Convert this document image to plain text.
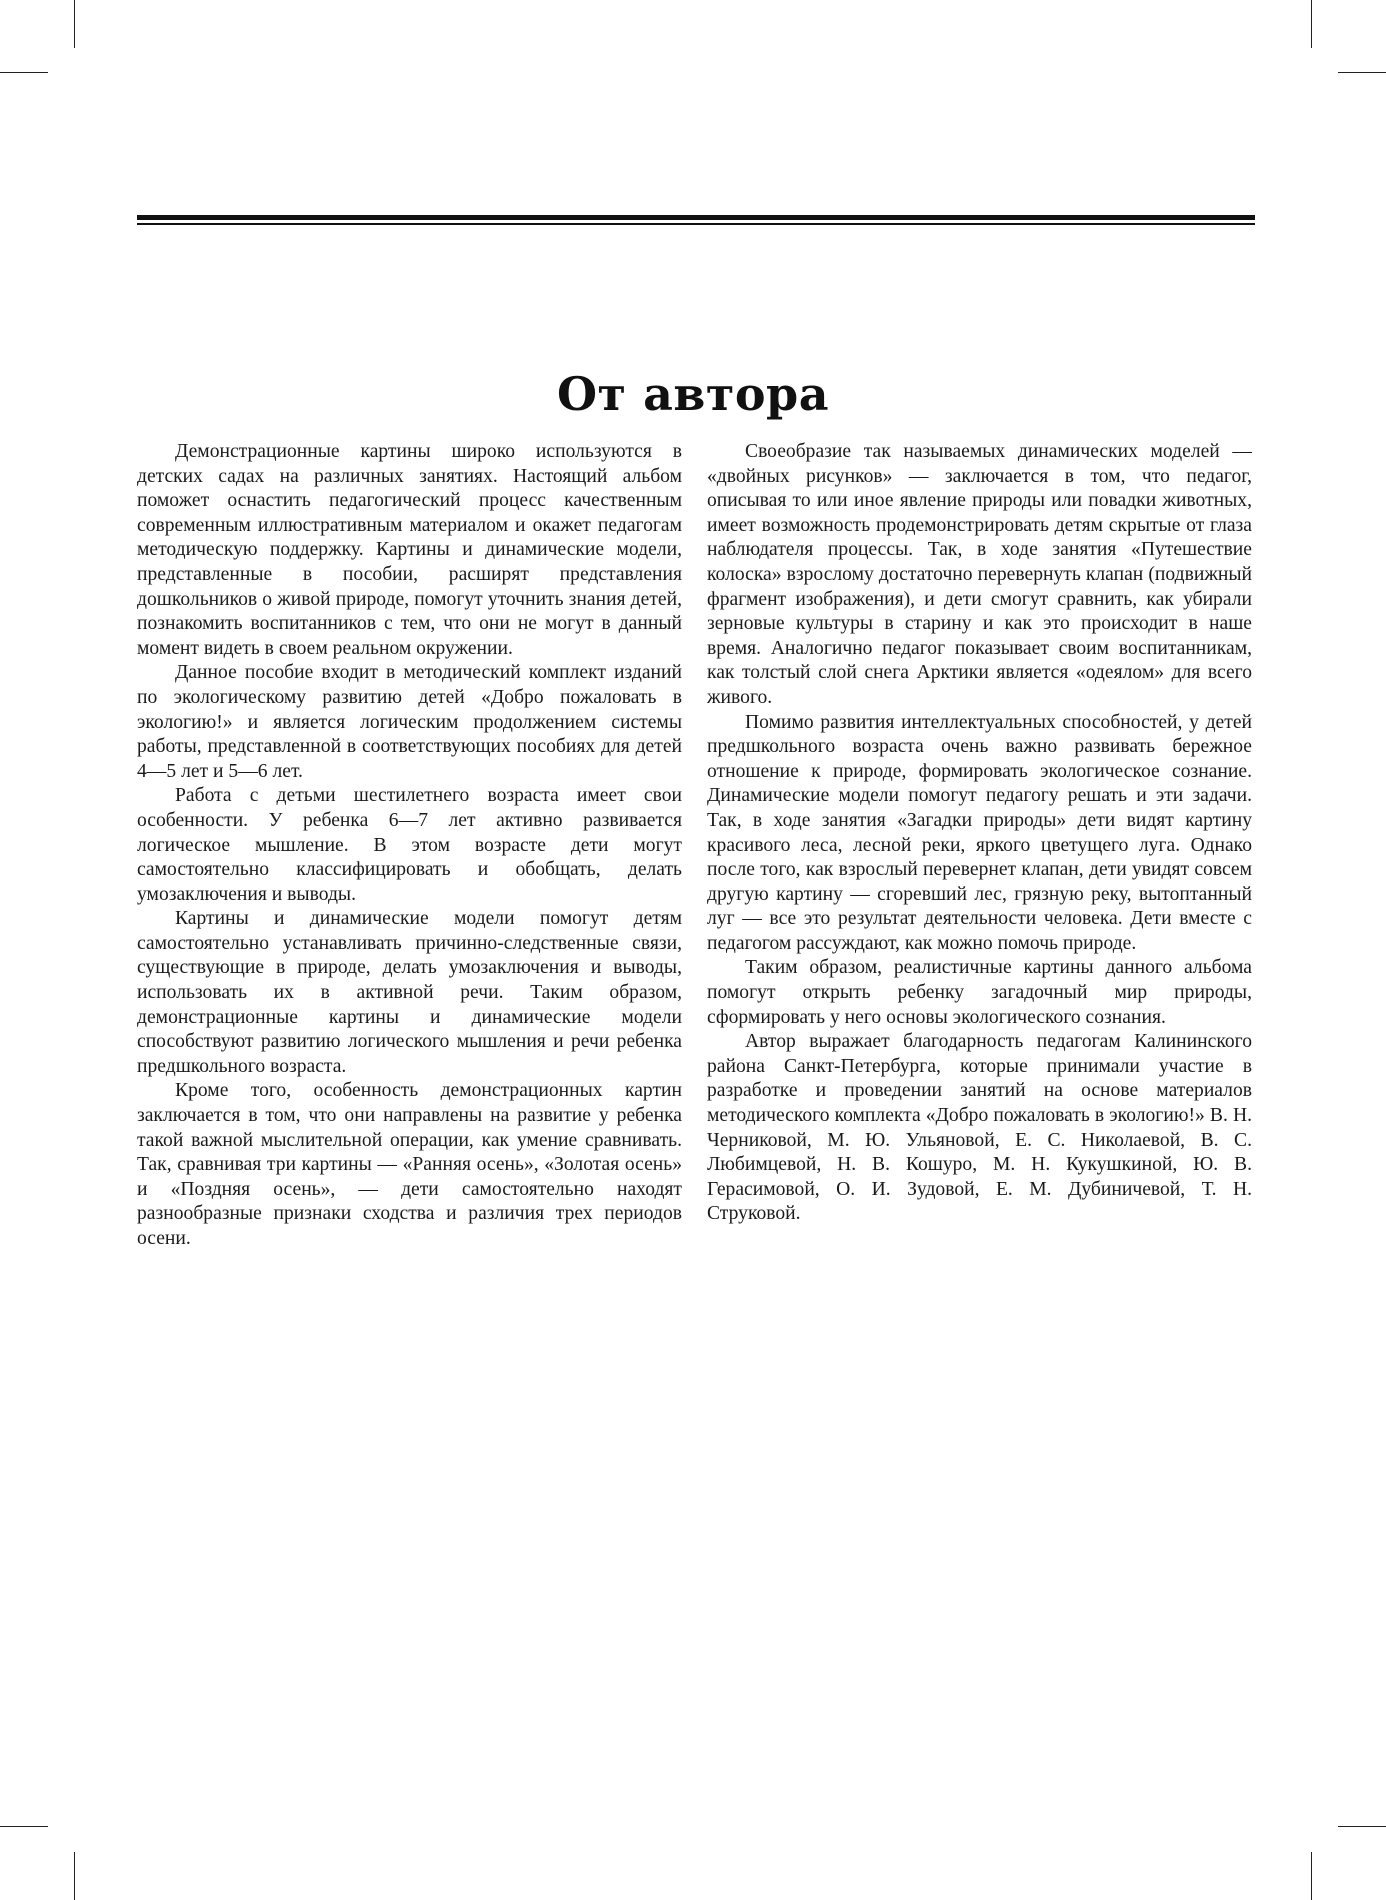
От автора

Демонстрационные картины широко используются в детских садах на различных занятиях. Настоящий альбом поможет оснастить педагогический процесс качественным современным иллюстративным материалом и окажет педагогам методическую поддержку. Картины и динамические модели, представленные в пособии, расширят представления дошкольников о живой природе, помогут уточнить знания детей, познакомить воспитанников с тем, что они не могут в данный момент видеть в своем реальном окружении.

Данное пособие входит в методический комплект изданий по экологическому развитию детей «Добро пожаловать в экологию!» и является логическим продолжением системы работы, представленной в соответствующих пособиях для детей 4—5 лет и 5—6 лет.

Работа с детьми шестилетнего возраста имеет свои особенности. У ребенка 6—7 лет активно развивается логическое мышление. В этом возрасте дети могут самостоятельно классифицировать и обобщать, делать умозаключения и выводы.

Картины и динамические модели помогут детям самостоятельно устанавливать причинно-следственные связи, существующие в природе, делать умозаключения и выводы, использовать их в активной речи. Таким образом, демонстрационные картины и динамические модели способствуют развитию логического мышления и речи ребенка предшкольного возраста.

Кроме того, особенность демонстрационных картин заключается в том, что они направлены на развитие у ребенка такой важной мыслительной операции, как умение сравнивать. Так, сравнивая три картины — «Ранняя осень», «Золотая осень» и «Поздняя осень», — дети самостоятельно находят разнообразные признаки сходства и различия трех периодов осени.

Своеобразие так называемых динамических моделей — «двойных рисунков» — заключается в том, что педагог, описывая то или иное явление природы или повадки животных, имеет возможность продемонстрировать детям скрытые от глаза наблюдателя процессы. Так, в ходе занятия «Путешествие колоска» взрослому достаточно перевернуть клапан (подвижный фрагмент изображения), и дети смогут сравнить, как убирали зерновые культуры в старину и как это происходит в наше время. Аналогично педагог показывает своим воспитанникам, как толстый слой снега Арктики является «одеялом» для всего живого.

Помимо развития интеллектуальных способностей, у детей предшкольного возраста очень важно развивать бережное отношение к природе, формировать экологическое сознание. Динамические модели помогут педагогу решать и эти задачи. Так, в ходе занятия «Загадки природы» дети видят картину красивого леса, лесной реки, яркого цветущего луга. Однако после того, как взрослый перевернет клапан, дети увидят совсем другую картину — сгоревший лес, грязную реку, вытоптанный луг — все это результат деятельности человека. Дети вместе с педагогом рассуждают, как можно помочь природе.

Таким образом, реалистичные картины данного альбома помогут открыть ребенку загадочный мир природы, сформировать у него основы экологического сознания.

Автор выражает благодарность педагогам Калининского района Санкт-Петербурга, которые принимали участие в разработке и проведении занятий на основе материалов методического комплекта «Добро пожаловать в экологию!» В. Н. Черниковой, М. Ю. Ульяновой, Е. С. Николаевой, В. С. Любимцевой, Н. В. Кошуро, М. Н. Кукушкиной, Ю. В. Герасимовой, О. И. Зудовой, Е. М. Дубиничевой, Т. Н. Струковой.
